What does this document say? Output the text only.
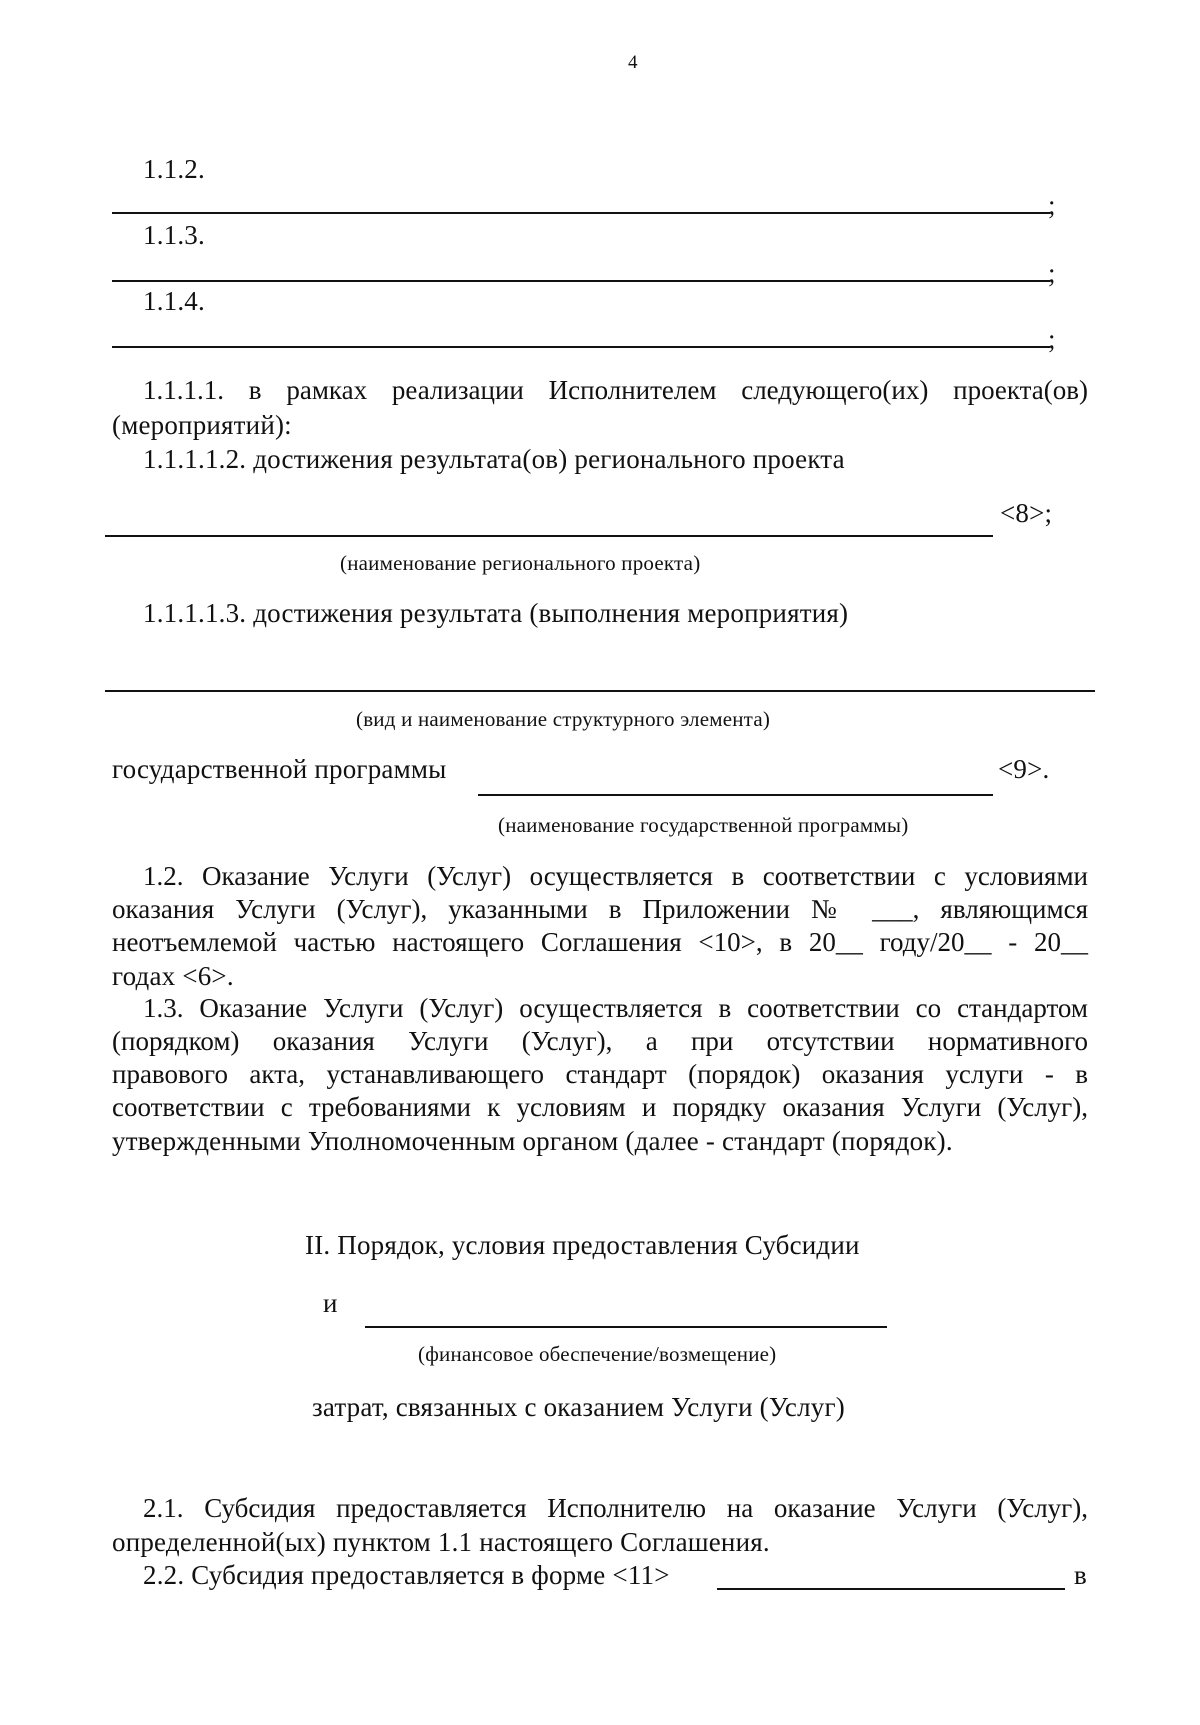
4
1.1.2.
;
1.1.3.
;
1.1.4.
;
1.1.1.1. в рамках реализации Исполнителем следующего(их) проекта(ов)
(мероприятий):
1.1.1.1.2. достижения результата(ов) регионального проекта
<8>;
(наименование регионального проекта)
1.1.1.1.3. достижения результата (выполнения мероприятия)
(вид и наименование структурного элемента)
государственной программы	<9>.
(наименование государственной программы)
1.2. Оказание Услуги (Услуг) осуществляется в соответствии с условиями
оказания Услуги (Услуг), указанными в Приложении № ___, являющимся
неотъемлемой частью настоящего Соглашения <10>, в 20__ году/20__ - 20__
годах <6>.
1.3. Оказание Услуги (Услуг) осуществляется в соответствии со стандартом
(порядком) оказания Услуги (Услуг), а при отсутствии нормативного
правового акта, устанавливающего стандарт (порядок) оказания услуги - в
соответствии с требованиями к условиям и порядку оказания Услуги (Услуг),
утвержденными Уполномоченным органом (далее - стандарт (порядок).
II. Порядок, условия предоставления Субсидии
и
(финансовое обеспечение/возмещение)
затрат, связанных с оказанием Услуги (Услуг)
2.1. Субсидия предоставляется Исполнителю на оказание Услуги (Услуг),
определенной(ых) пунктом 1.1 настоящего Соглашения.
2.2. Субсидия предоставляется в форме <11>	в
